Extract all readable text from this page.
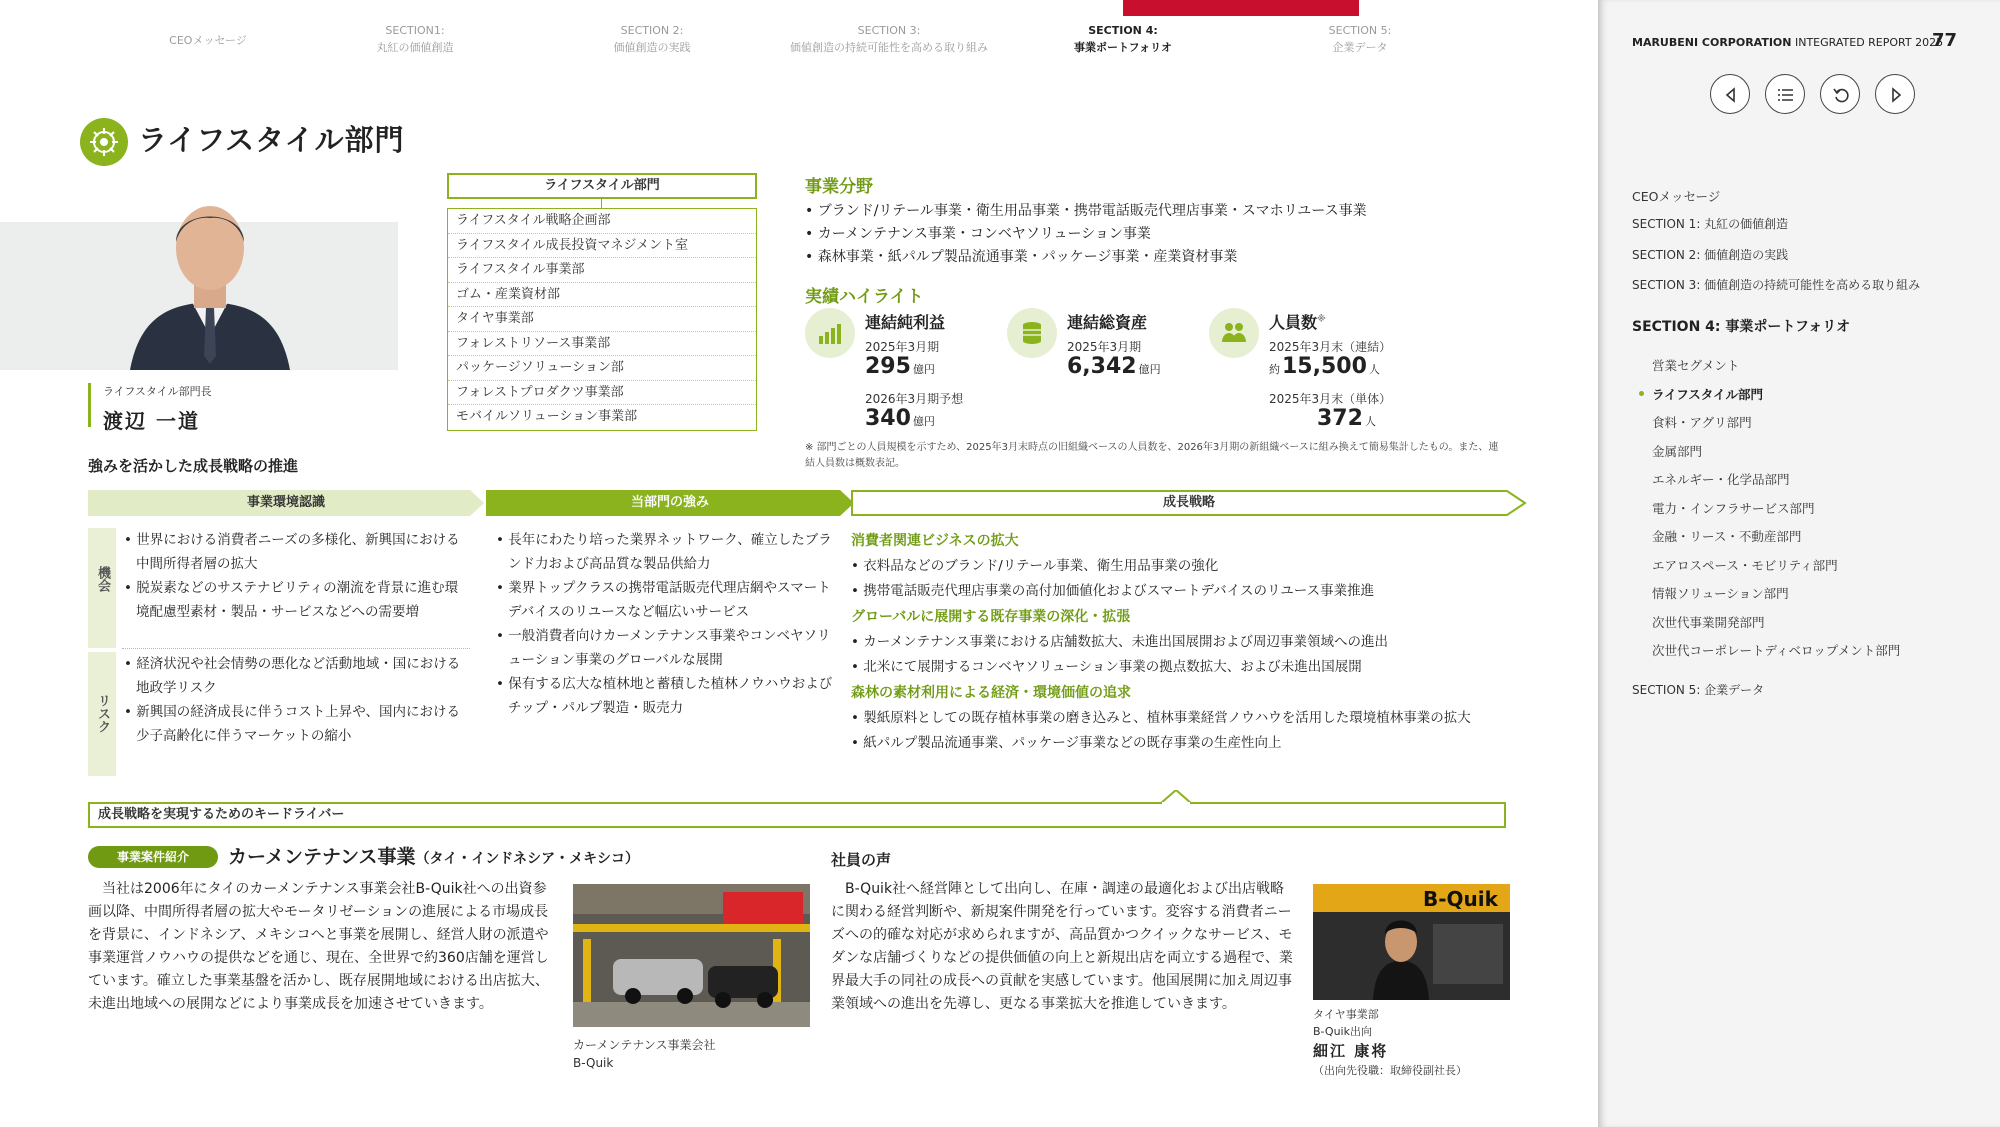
CEOメッセージ
SECTION1:
丸紅の価値創造
SECTION 2:
価値創造の実践
SECTION 3:
価値創造の持続可能性を高める取り組み
SECTION 4:
事業ポートフォリオ
SECTION 5:
企業データ
ライフスタイル部門
ライフスタイル部門長
渡辺 一道
ライフスタイル部門
ライフスタイル戦略企画部
ライフスタイル成長投資マネジメント室
ライフスタイル事業部
ゴム・産業資材部
タイヤ事業部
フォレストリソース事業部
パッケージソリューション部
フォレストプロダクツ事業部
モバイルソリューション事業部
事業分野
• ブランド/リテール事業・衛生用品事業・携帯電話販売代理店事業・スマホリユース事業
• カーメンテナンス事業・コンベヤソリューション事業
• 森林事業・紙パルプ製品流通事業・パッケージ事業・産業資材事業
実績ハイライト
連結純利益
2025年3月期
295 億円
2026年3月期予想
340 億円
連結総資産
2025年3月期
6,342 億円
人員数※
2025年3月末（連結）
約15,500 人
2025年3月末（単体）
372 人
※ 部門ごとの人員規模を示すため、2025年3月末時点の旧組織ベースの人員数を、2026年3月期の新組織ベースに組み換えて簡易集計したもの。また、連結人員数は概数表記。
強みを活かした成長戦略の推進
事業環境認識	当部門の強み	成長戦略
機会
リスク
• 世界における消費者ニーズの多様化、新興国における中間所得者層の拡大
• 脱炭素などのサステナビリティの潮流を背景に進む環境配慮型素材・製品・サービスなどへの需要増
• 経済状況や社会情勢の悪化など活動地域・国における地政学リスク
• 新興国の経済成長に伴うコスト上昇や、国内における少子高齢化に伴うマーケットの縮小
• 長年にわたり培った業界ネットワーク、確立したブランド力および高品質な製品供給力
• 業界トップクラスの携帯電話販売代理店網やスマートデバイスのリユースなど幅広いサービス
• 一般消費者向けカーメンテナンス事業やコンベヤソリューション事業のグローバルな展開
• 保有する広大な植林地と蓄積した植林ノウハウおよびチップ・パルプ製造・販売力
消費者関連ビジネスの拡大
• 衣料品などのブランド/リテール事業、衛生用品事業の強化
• 携帯電話販売代理店事業の高付加価値化およびスマートデバイスのリユース事業推進
グローバルに展開する既存事業の深化・拡張
• カーメンテナンス事業における店舗数拡大、未進出国展開および周辺事業領域への進出
• 北米にて展開するコンベヤソリューション事業の拠点数拡大、および未進出国展開
森林の素材利用による経済・環境価値の追求
• 製紙原料としての既存植林事業の磨き込みと、植林事業経営ノウハウを活用した環境植林事業の拡大
• 紙パルプ製品流通事業、パッケージ事業などの既存事業の生産性向上
成長戦略を実現するためのキードライバー
事業案件紹介	カーメンテナンス事業（タイ・インドネシア・メキシコ）
当社は2006年にタイのカーメンテナンス事業会社B-Quik社への出資参画以降、中間所得者層の拡大やモータリゼーションの進展による市場成長を背景に、インドネシア、メキシコへと事業を展開し、経営人財の派遣や事業運営ノウハウの提供などを通じ、現在、全世界で約360店舗を運営しています。確立した事業基盤を活かし、既存展開地域における出店拡大、未進出地域への展開などにより事業成長を加速させていきます。
カーメンテナンス事業会社
B-Quik
社員の声
B-Quik社へ経営陣として出向し、在庫・調達の最適化および出店戦略に関わる経営判断や、新規案件開発を行っています。変容する消費者ニーズへの的確な対応が求められますが、高品質かつクイックなサービス、モダンな店舗づくりなどの提供価値の向上と新規出店を両立する過程で、業界最大手の同社の成長への貢献を実感しています。他国展開に加え周辺事業領域への進出を先導し、更なる事業拡大を推進していきます。
B-Quik
タイヤ事業部
B-Quik出向
細江 康将
（出向先役職：取締役副社長）
MARUBENI CORPORATION INTEGRATED REPORT 2025
77
CEOメッセージ
SECTION 1: 丸紅の価値創造
SECTION 2: 価値創造の実践
SECTION 3: 価値創造の持続可能性を高める取り組み
SECTION 4: 事業ポートフォリオ
営業セグメント
ライフスタイル部門
食料・アグリ部門
金属部門
エネルギー・化学品部門
電力・インフラサービス部門
金融・リース・不動産部門
エアロスペース・モビリティ部門
情報ソリューション部門
次世代事業開発部門
次世代コーポレートディベロップメント部門
SECTION 5: 企業データ
